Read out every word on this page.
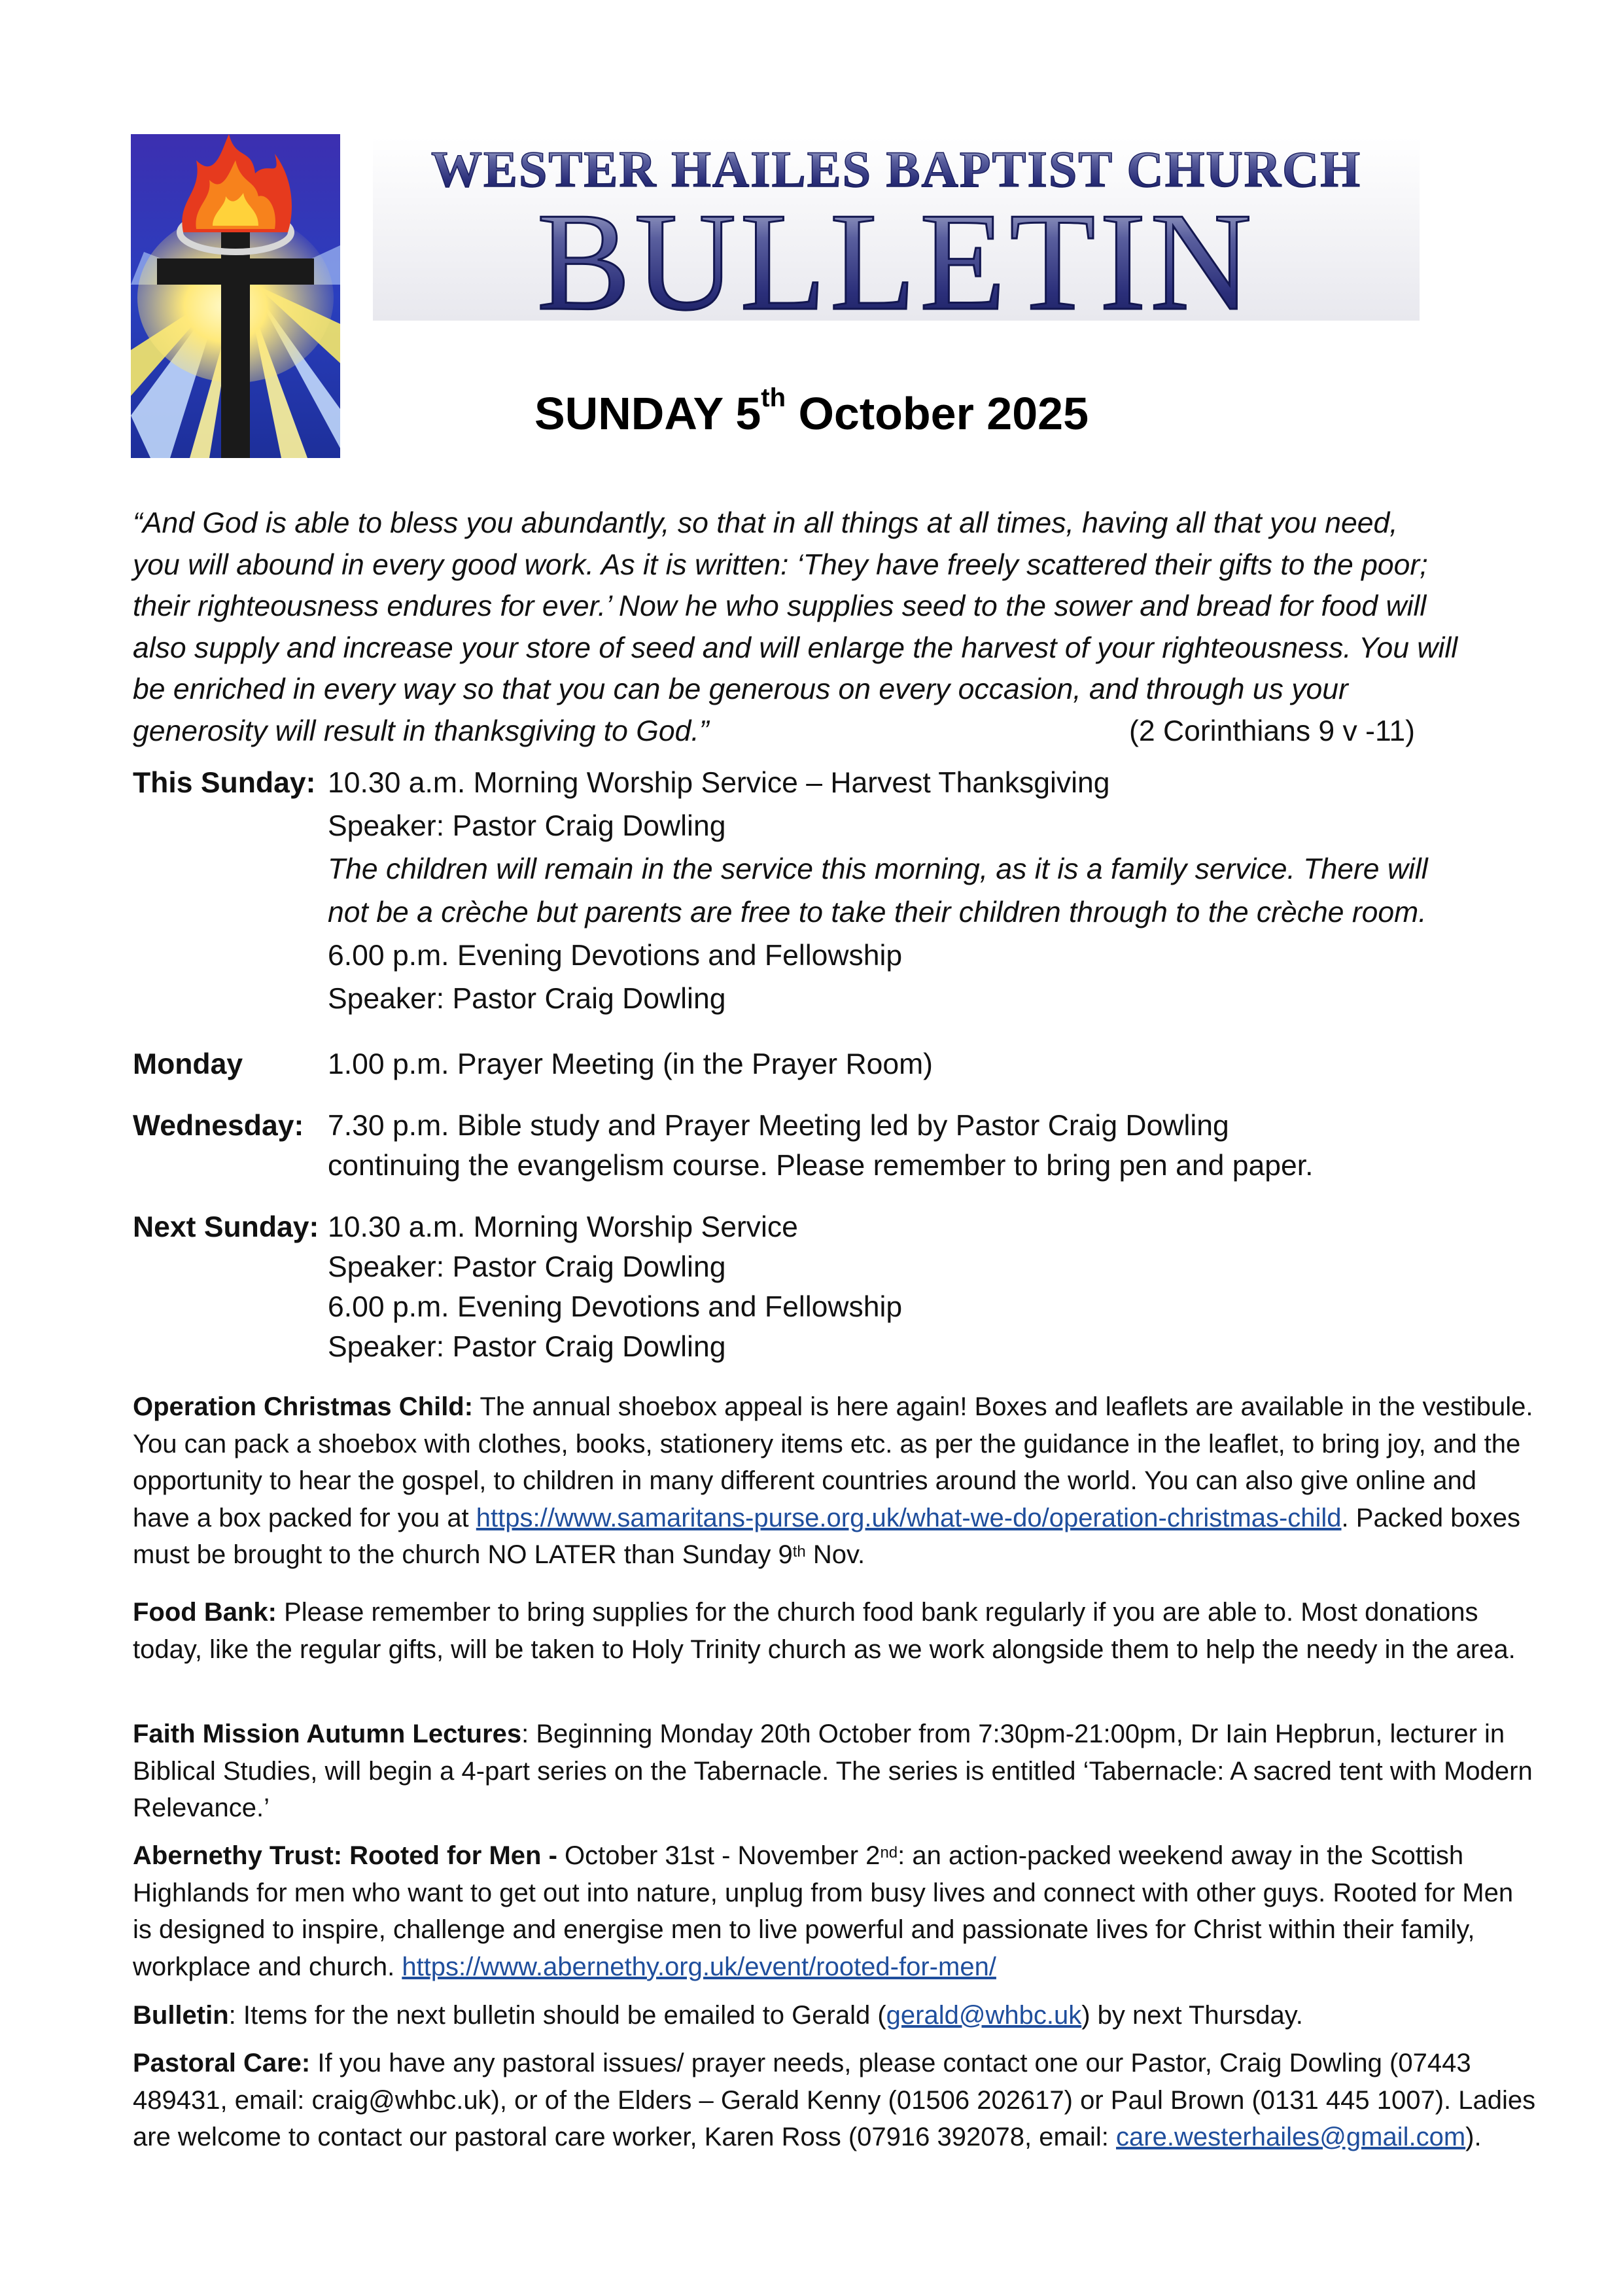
WESTER HAILES BAPTIST CHURCH
BULLETIN
SUNDAY 5th October 2025
“And God is able to bless you abundantly, so that in all things at all times, having all that you need,
you will abound in every good work. As it is written: ‘They have freely scattered their gifts to the poor;
their righteousness endures for ever.’ Now he who supplies seed to the sower and bread for food will
also supply and increase your store of seed and will enlarge the harvest of your righteousness. You will
be enriched in every way so that you can be generous on every occasion, and through us your
generosity will result in thanksgiving to God.”	(2 Corinthians 9 v -11)
This Sunday: 10.30 a.m. Morning Worship Service – Harvest Thanksgiving
Speaker: Pastor Craig Dowling
The children will remain in the service this morning, as it is a family service. There will
not be a crèche but parents are free to take their children through to the crèche room.
6.00 p.m. Evening Devotions and Fellowship
Speaker: Pastor Craig Dowling
Monday	1.00 p.m. Prayer Meeting (in the Prayer Room)
Wednesday: 7.30 p.m. Bible study and Prayer Meeting led by Pastor Craig Dowling
continuing the evangelism course. Please remember to bring pen and paper.
Next Sunday: 10.30 a.m. Morning Worship Service
Speaker: Pastor Craig Dowling
6.00 p.m. Evening Devotions and Fellowship
Speaker: Pastor Craig Dowling
Operation Christmas Child: The annual shoebox appeal is here again! Boxes and leaflets are available in the vestibule. You can pack a shoebox with clothes, books, stationery items etc. as per the guidance in the leaflet, to bring joy, and the opportunity to hear the gospel, to children in many different countries around the world. You can also give online and have a box packed for you at https://www.samaritans-purse.org.uk/what-we-do/operation-christmas-child. Packed boxes must be brought to the church NO LATER than Sunday 9th Nov.
Food Bank: Please remember to bring supplies for the church food bank regularly if you are able to. Most donations today, like the regular gifts, will be taken to Holy Trinity church as we work alongside them to help the needy in the area.
Faith Mission Autumn Lectures: Beginning Monday 20th October from 7:30pm-21:00pm, Dr Iain Hepbrun, lecturer in Biblical Studies, will begin a 4-part series on the Tabernacle. The series is entitled ‘Tabernacle: A sacred tent with Modern Relevance.’
Abernethy Trust: Rooted for Men - October 31st - November 2nd: an action-packed weekend away in the Scottish Highlands for men who want to get out into nature, unplug from busy lives and connect with other guys. Rooted for Men is designed to inspire, challenge and energise men to live powerful and passionate lives for Christ within their family, workplace and church. https://www.abernethy.org.uk/event/rooted-for-men/
Bulletin: Items for the next bulletin should be emailed to Gerald (gerald@whbc.uk) by next Thursday.
Pastoral Care: If you have any pastoral issues/ prayer needs, please contact one our Pastor, Craig Dowling (07443 489431, email: craig@whbc.uk), or of the Elders – Gerald Kenny (01506 202617) or Paul Brown (0131 445 1007). Ladies are welcome to contact our pastoral care worker, Karen Ross (07916 392078, email: care.westerhailes@gmail.com).
